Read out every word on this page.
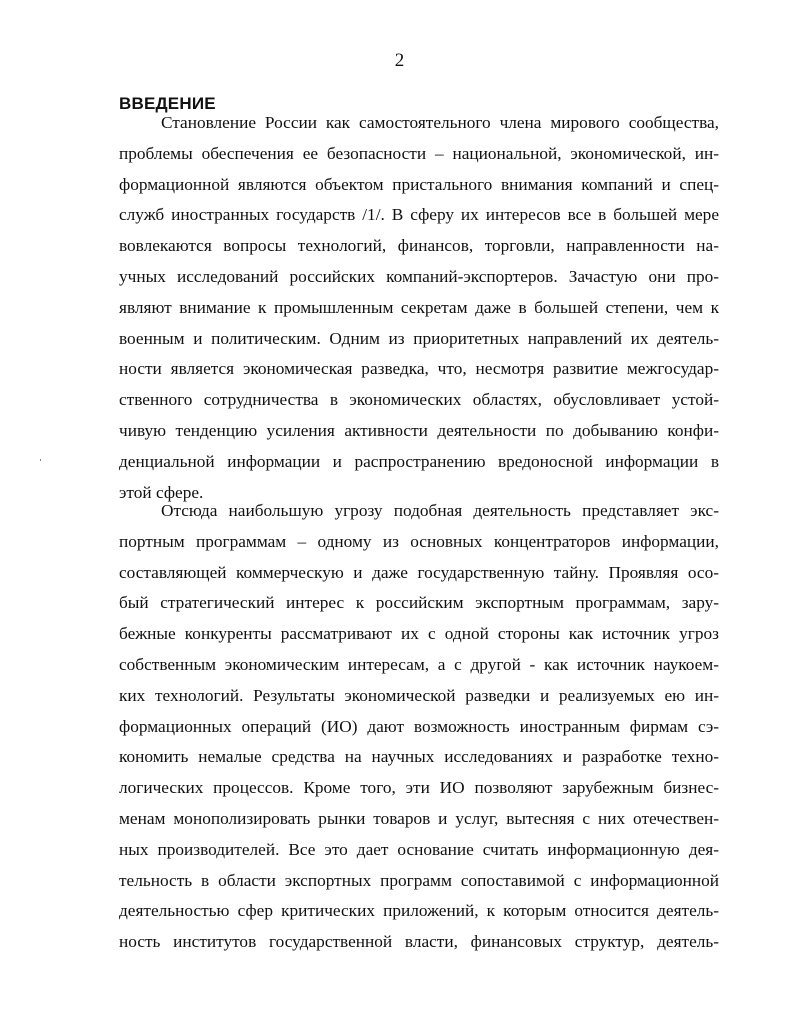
2
ВВЕДЕНИЕ
Становление России как самостоятельного члена мирового сообщества,
проблемы обеспечения ее безопасности – национальной, экономической, ин-
формационной являются объектом пристального внимания компаний и спец-
служб иностранных государств /1/. В сферу их интересов все в большей мере
вовлекаются вопросы технологий, финансов, торговли, направленности на-
учных исследований российских компаний-экспортеров. Зачастую они про-
являют внимание к промышленным секретам даже в большей степени, чем к
военным и политическим. Одним из приоритетных направлений их деятель-
ности является экономическая разведка, что, несмотря развитие межгосудар-
ственного сотрудничества в экономических областях, обусловливает устой-
чивую тенденцию усиления активности деятельности по добыванию конфи-
денциальной информации и распространению вредоносной информации в
этой сфере.
Отсюда наибольшую угрозу подобная деятельность представляет экс-
портным программам – одному из основных концентраторов информации,
составляющей коммерческую и даже государственную тайну. Проявляя осо-
бый стратегический интерес к российским экспортным программам, зару-
бежные конкуренты рассматривают их с одной стороны как источник угроз
собственным экономическим интересам, а с другой - как источник наукоем-
ких технологий. Результаты экономической разведки и реализуемых ею ин-
формационных операций (ИО) дают возможность иностранным фирмам сэ-
кономить немалые средства на научных исследованиях и разработке техно-
логических процессов. Кроме того, эти ИО позволяют зарубежным бизнес-
менам монополизировать рынки товаров и услуг, вытесняя с них отечествен-
ных производителей. Все это дает основание считать информационную дея-
тельность в области экспортных программ сопоставимой с информационной
деятельностью сфер критических приложений, к которым относится деятель-
ность институтов государственной власти, финансовых структур, деятель-
